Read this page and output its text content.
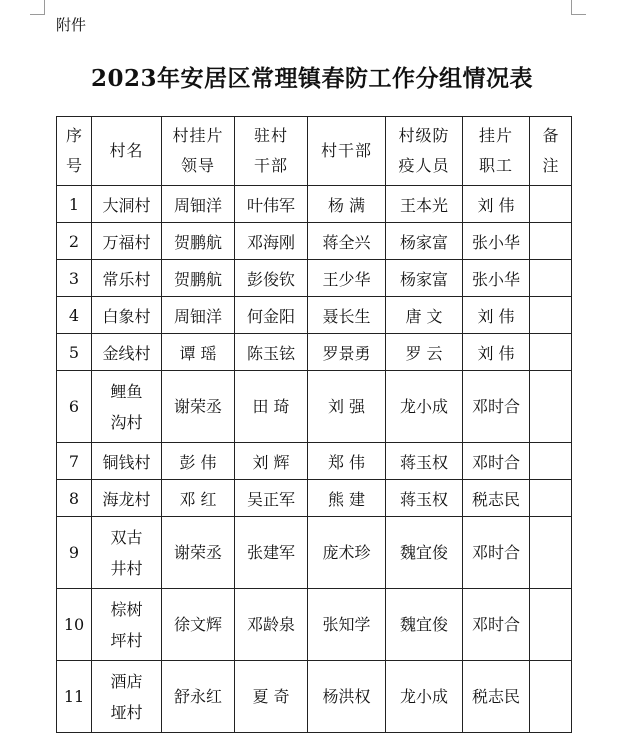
附件
2023年安居区常理镇春防工作分组情况表
序号	村名	村挂片领导	驻村干部	村干部	村级防疫人员	挂片职工	备注
1	大洞村	周钿洋	叶伟军	杨 满	王本光	刘 伟	
2	万福村	贺鹏航	邓海刚	蒋全兴	杨家富	张小华	
3	常乐村	贺鹏航	彭俊钦	王少华	杨家富	张小华	
4	白象村	周钿洋	何金阳	聂长生	唐 文	刘 伟	
5	金线村	谭 瑶	陈玉铉	罗景勇	罗 云	刘 伟	
6	鲤鱼沟村	谢荣丞	田 琦	刘 强	龙小成	邓时合	
7	铜钱村	彭 伟	刘 辉	郑 伟	蒋玉权	邓时合	
8	海龙村	邓 红	吴正军	熊 建	蒋玉权	税志民	
9	双古井村	谢荣丞	张建军	庞术珍	魏宜俊	邓时合	
10	棕树坪村	徐文辉	邓龄泉	张知学	魏宜俊	邓时合	
11	酒店垭村	舒永红	夏 奇	杨洪权	龙小成	税志民	
